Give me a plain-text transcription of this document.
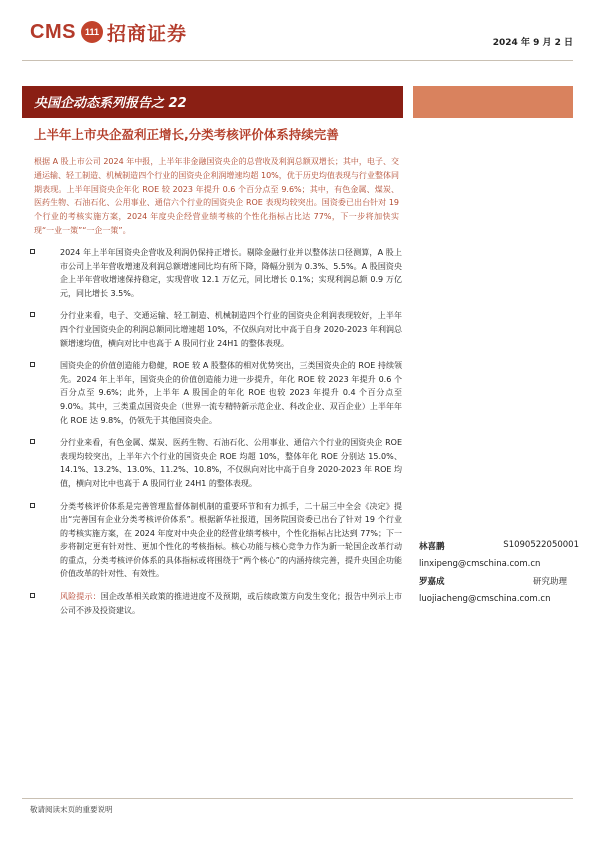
CMS 111 招商证券	2024 年 9 月 2 日
央国企动态系列报告之 22
上半年上市央企盈利正增长,分类考核评价体系持续完善
根据 A 股上市公司 2024 年中报，上半年非金融国资央企的总营收及利润总额双增长；其中，电子、交通运输、轻工制造、机械制造四个行业的国资央企利润增速均超 10%，优于历史均值表现与行业整体同期表现。上半年国资央企年化 ROE 较 2023 年提升 0.6 个百分点至 9.6%；其中，有色金属、煤炭、医药生物、石油石化、公用事业、通信六个行业的国资央企 ROE 表现均较突出。国资委已出台针对 19 个行业的考核实施方案，2024 年度央企经营业绩考核的个性化指标占比达 77%，下一步将加快实现“一业一策”“一企一策”。
2024 年上半年国资央企营收及利润仍保持正增长。剔除金融行业并以整体法口径测算，A 股上市公司上半年营收增速及利润总额增速同比均有所下降，降幅分别为 0.3%、5.5%。A 股国资央企上半年营收增速保持稳定，实现营收 12.1 万亿元，同比增长 0.1%；实现利润总额 0.9 万亿元，同比增长 3.5%。
分行业来看，电子、交通运输、轻工制造、机械制造四个行业的国资央企利润表现较好，上半年四个行业国资央企的利润总额同比增速超 10%，不仅纵向对比中高于自身 2020-2023 年利润总额增速均值，横向对比中也高于 A 股同行业 24H1 的整体表现。
国资央企的价值创造能力稳健，ROE 较 A 股整体的相对优势突出，三类国资央企的 ROE 持续领先。2024 年上半年，国资央企的价值创造能力进一步提升，年化 ROE 较 2023 年提升 0.6 个百分点至 9.6%；此外，上半年 A 股国企的年化 ROE 也较 2023 年提升 0.4 个百分点至 9.0%。其中，三类重点国资央企（世界一流专精特新示范企业、科改企业、双百企业）上半年年化 ROE 达 9.8%，仍领先于其他国资央企。
分行业来看，有色金属、煤炭、医药生物、石油石化、公用事业、通信六个行业的国资央企 ROE 表现均较突出，上半年六个行业的国资央企 ROE 均超 10%，整体年化 ROE 分别达 15.0%、14.1%、13.2%、13.0%、11.2%、10.8%，不仅纵向对比中高于自身 2020-2023 年 ROE 均值，横向对比中也高于 A 股同行业 24H1 的整体表现。
分类考核评价体系是完善管理监督体制机制的重要环节和有力抓手，二十届三中全会《决定》提出“完善国有企业分类考核评价体系”。根据新华社报道，国务院国资委已出台了针对 19 个行业的考核实施方案，在 2024 年度对中央企业的经营业绩考核中，个性化指标占比达到 77%；下一步将制定更有针对性、更加个性化的考核指标。核心功能与核心竞争力作为新一轮国企改革行动的重点，分类考核评价体系的具体指标或将围绕于“两个核心”的内涵持续完善，提升央国企功能价值改革的针对性、有效性。
风险提示：国企改革相关政策的推进进度不及预期，或后续政策方向发生变化；报告中列示上市公司不涉及投资建议。
林喜鹏	S1090522050001
linxipeng@cmschina.com.cn
罗嘉成	研究助理
luojiacheng@cmschina.com.cn
敬请阅读末页的重要说明
